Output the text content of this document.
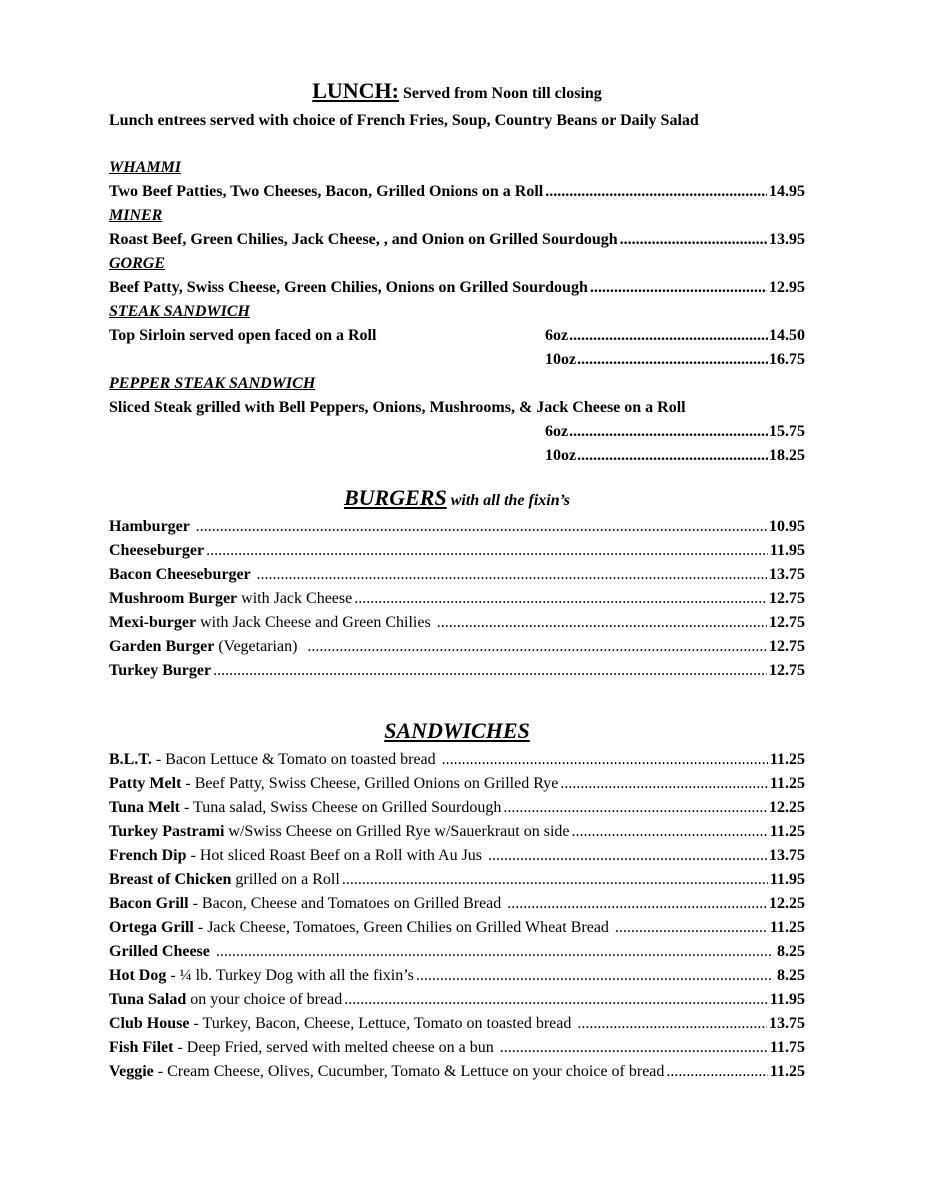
LUNCH: Served from Noon till closing
Lunch entrees served with choice of French Fries, Soup, Country Beans or Daily Salad
WHAMMI
Two Beef Patties, Two Cheeses, Bacon, Grilled Onions on a Roll .....	14.95
MINER
Roast Beef, Green Chilies, Jack Cheese, , and Onion on Grilled Sourdough .....	13.95
GORGE
Beef Patty, Swiss Cheese, Green Chilies, Onions on Grilled Sourdough .....	12.95
STEAK SANDWICH
Top Sirloin served open faced on a Roll	6oz .....	14.50
10oz .....	16.75
PEPPER STEAK SANDWICH
Sliced Steak grilled with Bell Peppers, Onions, Mushrooms, & Jack Cheese on a Roll
6oz .....	15.75
10oz .....	18.25
BURGERS with all the fixin’s
Hamburger .....	10.95
Cheeseburger .....	11.95
Bacon Cheeseburger .....	13.75
Mushroom Burger with Jack Cheese .....	12.75
Mexi-burger with Jack Cheese and Green Chilies .....	12.75
Garden Burger (Vegetarian) .....	12.75
Turkey Burger .....	12.75
SANDWICHES
B.L.T. - Bacon Lettuce & Tomato on toasted bread .....	11.25
Patty Melt - Beef Patty, Swiss Cheese, Grilled Onions on Grilled Rye .....	11.25
Tuna Melt - Tuna salad, Swiss Cheese on Grilled Sourdough .....	12.25
Turkey Pastrami w/Swiss Cheese on Grilled Rye w/Sauerkraut on side .....	11.25
French Dip - Hot sliced Roast Beef on a Roll with Au Jus .....	13.75
Breast of Chicken grilled on a Roll .....	11.95
Bacon Grill - Bacon, Cheese and Tomatoes on Grilled Bread .....	12.25
Ortega Grill - Jack Cheese, Tomatoes, Green Chilies on Grilled Wheat Bread .....	11.25
Grilled Cheese .....	8.25
Hot Dog - ¼ lb. Turkey Dog with all the fixin’s .....	8.25
Tuna Salad on your choice of bread .....	11.95
Club House - Turkey, Bacon, Cheese, Lettuce, Tomato on toasted bread .....	13.75
Fish Filet - Deep Fried, served with melted cheese on a bun .....	11.75
Veggie - Cream Cheese, Olives, Cucumber, Tomato & Lettuce on your choice of bread .....	11.25
